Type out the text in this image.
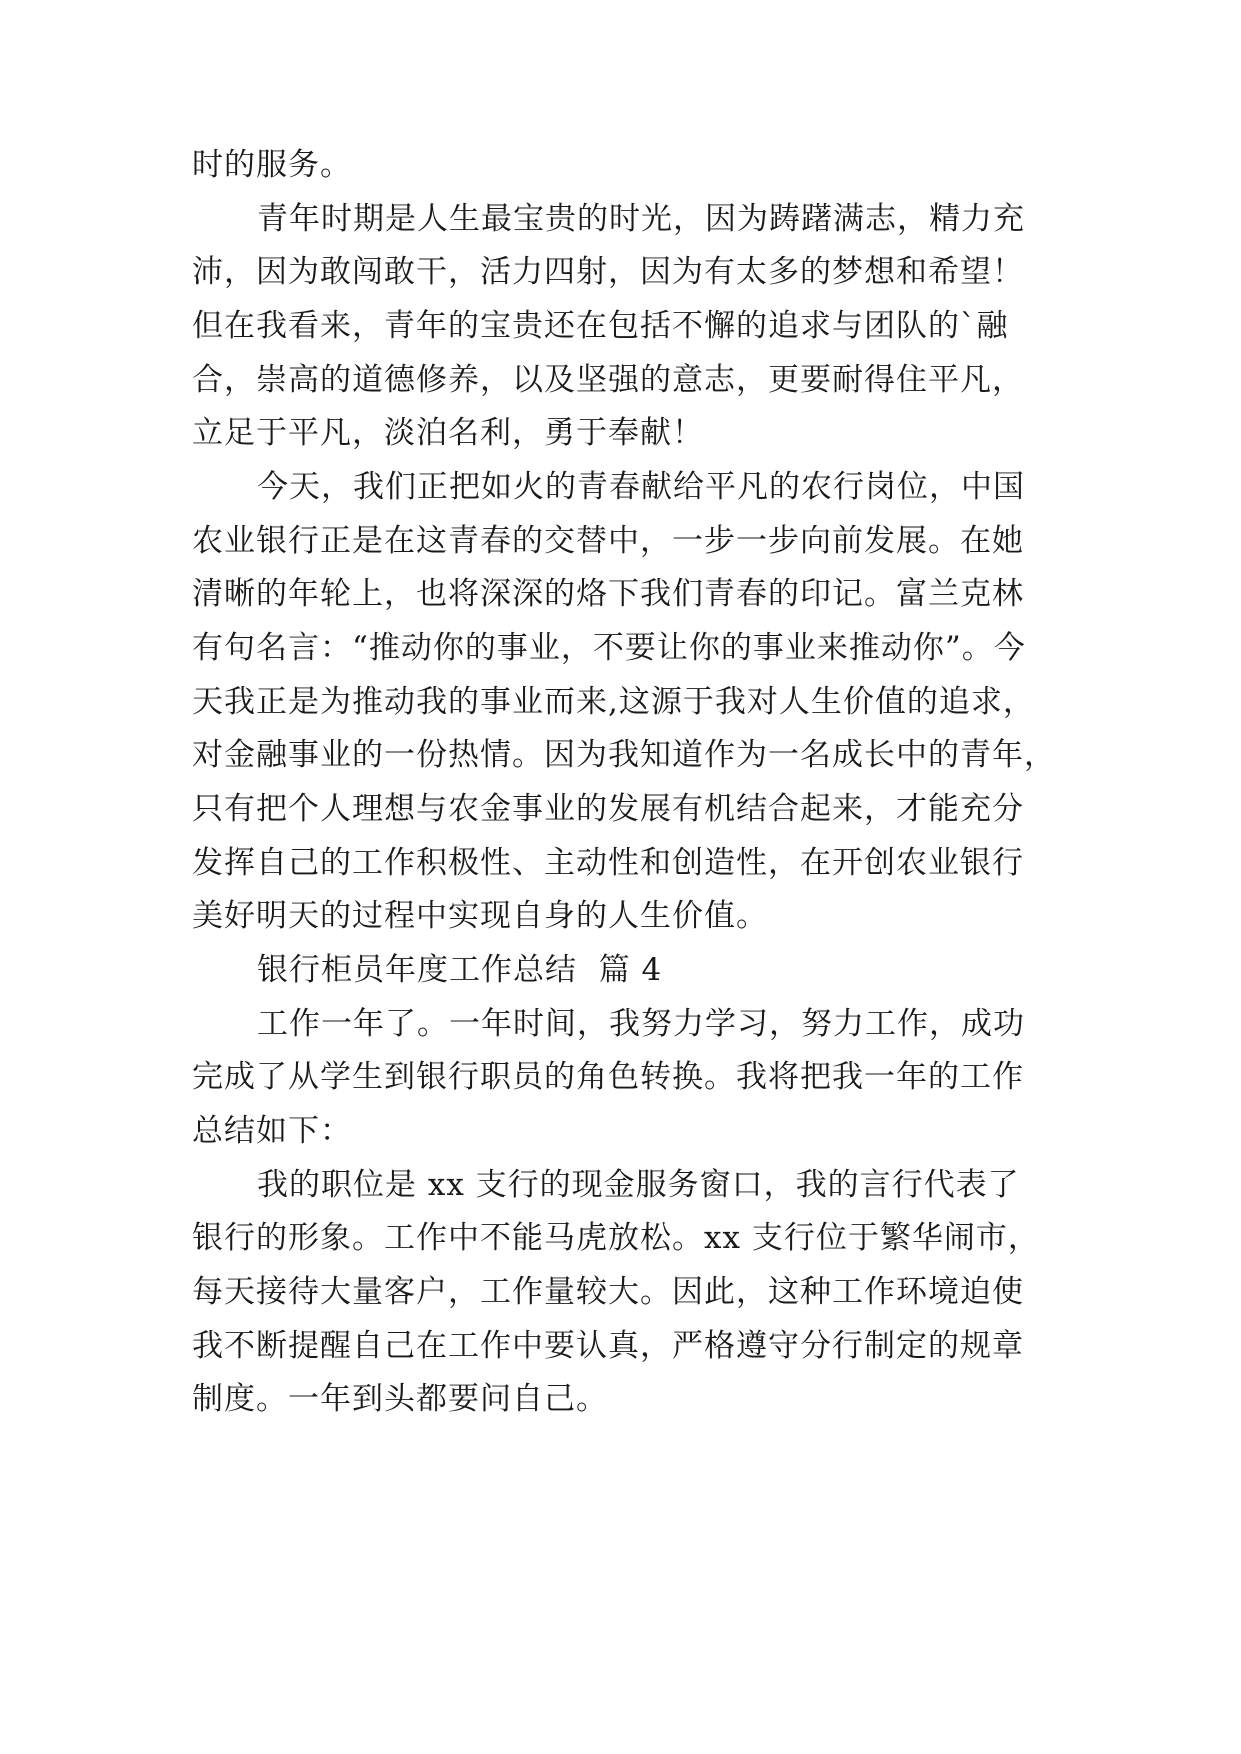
时的服务。
青年时期是人生最宝贵的时光，因为踌躇满志，精力充
沛，因为敢闯敢干，活力四射，因为有太多的梦想和希望！
但在我看来，青年的宝贵还在包括不懈的追求与团队的`融
合，崇高的道德修养，以及坚强的意志，更要耐得住平凡，
立足于平凡，淡泊名利，勇于奉献！
今天，我们正把如火的青春献给平凡的农行岗位，中国
农业银行正是在这青春的交替中，一步一步向前发展。在她
清晰的年轮上，也将深深的烙下我们青春的印记。富兰克林
有句名言：“推动你的事业，不要让你的事业来推动你”。今
天我正是为推动我的事业而来,这源于我对人生价值的追求，
对金融事业的一份热情。因为我知道作为一名成长中的青年，
只有把个人理想与农金事业的发展有机结合起来，才能充分
发挥自己的工作积极性、主动性和创造性，在开创农业银行
美好明天的过程中实现自身的人生价值。
银行柜员年度工作总结  篇 4
工作一年了。一年时间，我努力学习，努力工作，成功
完成了从学生到银行职员的角色转换。我将把我一年的工作
总结如下：
我的职位是 xx 支行的现金服务窗口，我的言行代表了
银行的形象。工作中不能马虎放松。xx 支行位于繁华闹市，
每天接待大量客户，工作量较大。因此，这种工作环境迫使
我不断提醒自己在工作中要认真，严格遵守分行制定的规章
制度。一年到头都要问自己。
